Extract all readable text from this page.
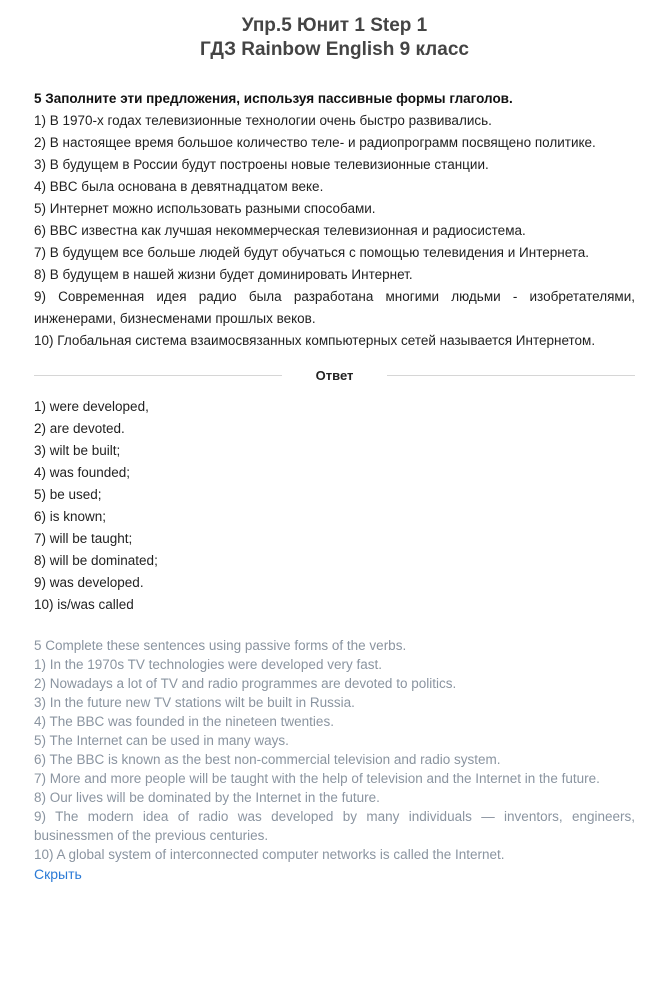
Упр.5 Юнит 1 Step 1
ГДЗ Rainbow English 9 класс

5 Заполните эти предложения, используя пассивные формы глаголов.

1) В 1970-х годах телевизионные технологии очень быстро развивались.
2) В настоящее время большое количество теле- и радиопрограмм посвящено политике.
3) В будущем в России будут построены новые телевизионные станции.
4) BBC была основана в девятнадцатом веке.
5) Интернет можно использовать разными способами.
6) BBC известна как лучшая некоммерческая телевизионная и радиосистема.
7) В будущем все больше людей будут обучаться с помощью телевидения и Интернета.
8) В будущем в нашей жизни будет доминировать Интернет.
9) Современная идея радио была разработана многими людьми - изобретателями, инженерами, бизнесменами прошлых веков.
10) Глобальная система взаимосвязанных компьютерных сетей называется Интернетом.
Ответ
1) were developed,
2) are devoted.
3) wilt be built;
4) was founded;
5) be used;
6) is known;
7) will be taught;
8) will be dominated;
9) was developed.
10) is/was called

5 Complete these sentences using passive forms of the verbs.

1) In the 1970s TV technologies were developed very fast.
2) Nowadays a lot of TV and radio programmes are devoted to politics.
3) In the future new TV stations wilt be built in Russia.
4) The BBC was founded in the nineteen twenties.
5) The Internet can be used in many ways.
6) The BBC is known as the best non-commercial television and radio system.
7) More and more people will be taught with the help of television and the Internet in the future.
8) Our lives will be dominated by the Internet in the future.
9) The modern idea of radio was developed by many individuals — inventors, engineers, businessmen of the previous centuries.
10) A global system of interconnected computer networks is called the Internet.
Скрыть
